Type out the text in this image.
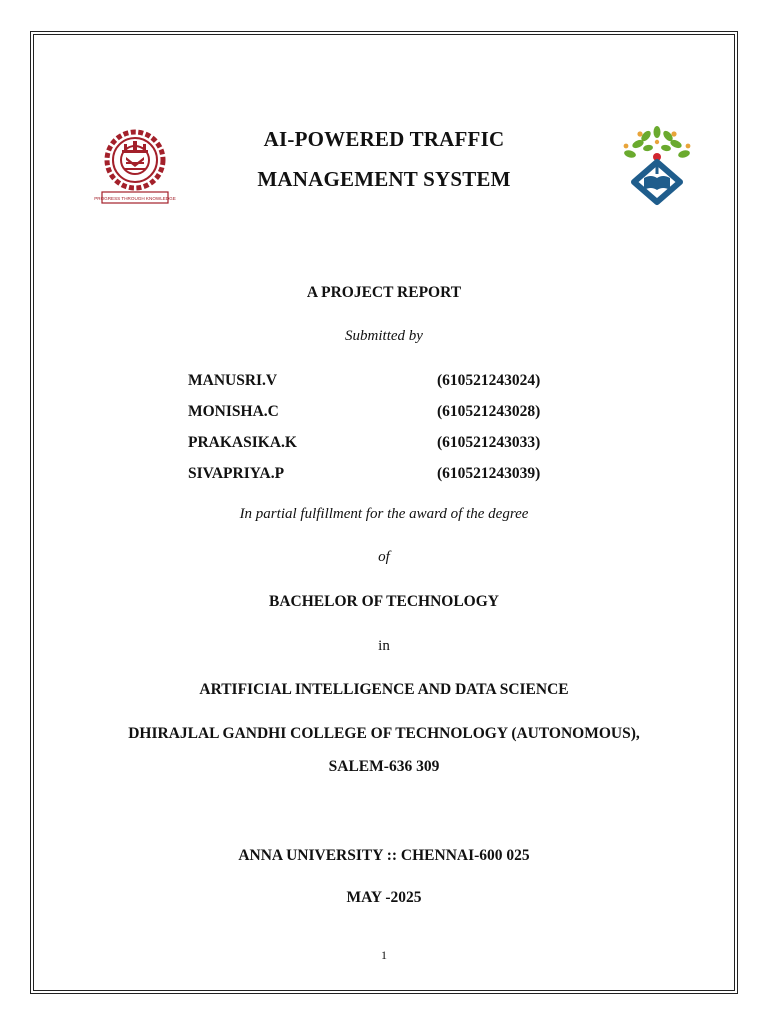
PROGRESS THROUGH KNOWLEDGE
AI-POWERED TRAFFIC
MANAGEMENT SYSTEM
A PROJECT REPORT
Submitted by
MANUSRI.V	(610521243024)
MONISHA.C	(610521243028)
PRAKASIKA.K	(610521243033)
SIVAPRIYA.P	(610521243039)
In partial fulfillment for the award of the degree
of
BACHELOR OF TECHNOLOGY
in
ARTIFICIAL INTELLIGENCE AND DATA SCIENCE
DHIRAJLAL GANDHI COLLEGE OF TECHNOLOGY (AUTONOMOUS),
SALEM-636 309
ANNA UNIVERSITY :: CHENNAI-600 025
MAY -2025
1
